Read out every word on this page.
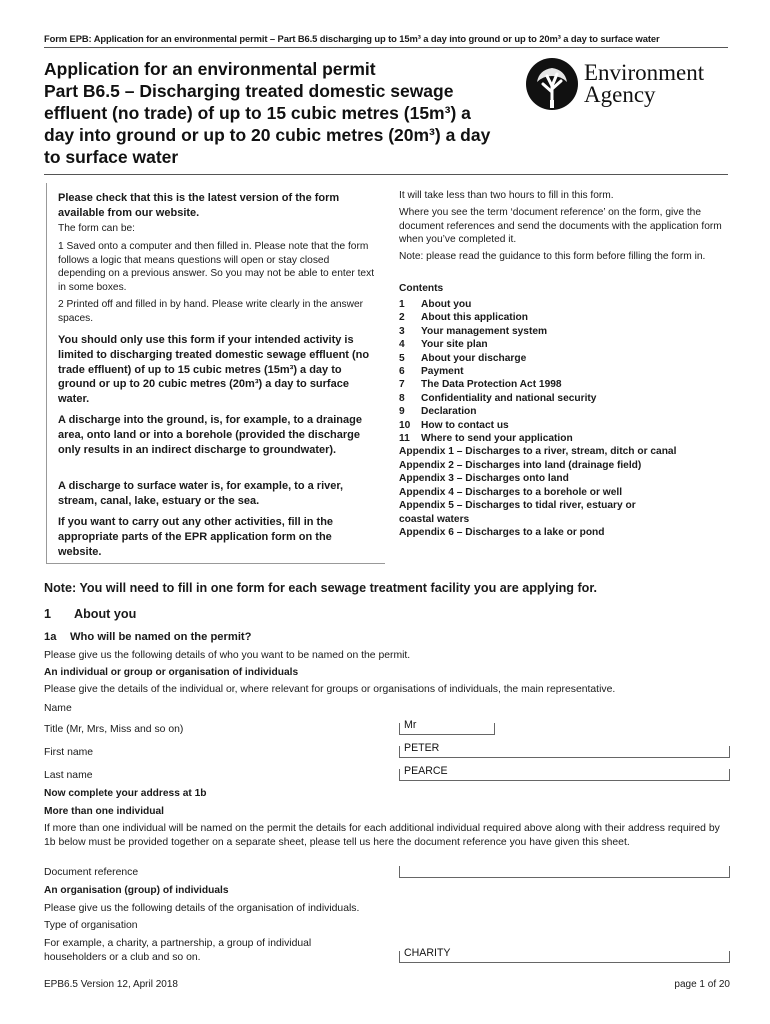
Form EPB: Application for an environmental permit – Part B6.5 discharging up to 15m³ a day into ground or up to 20m³ a day to surface water
Application for an environmental permit
Part B6.5 – Discharging treated domestic sewage
effluent (no trade) of up to 15 cubic metres (15m³) a
day into ground or up to 20 cubic metres (20m³) a day
to surface water
Environment
Agency
Please check that this is the latest version of the form available from our website.
The form can be:
1 Saved onto a computer and then filled in. Please note that the form follows a logic that means questions will open or stay closed depending on a previous answer. So you may not be able to enter text in some boxes.
2 Printed off and filled in by hand. Please write clearly in the answer spaces.
You should only use this form if your intended activity is limited to discharging treated domestic sewage effluent (no trade effluent) of up to 15 cubic metres (15m³) a day to ground or up to 20 cubic metres (20m³) a day to surface water.
A discharge into the ground, is, for example, to a drainage area, onto land or into a borehole (provided the discharge only results in an indirect discharge to groundwater).
A discharge to surface water is, for example, to a river, stream, canal, lake, estuary or the sea.
If you want to carry out any other activities, fill in the appropriate parts of the EPR application form on the website.
It will take less than two hours to fill in this form.
Where you see the term ‘document reference’ on the form, give the document references and send the documents with the application form when you’ve completed it.
Note: please read the guidance to this form before filling the form in.
Contents
1 About you
2 About this application
3 Your management system
4 Your site plan
5 About your discharge
6 Payment
7 The Data Protection Act 1998
8 Confidentiality and national security
9 Declaration
10 How to contact us
11 Where to send your application
Appendix 1 – Discharges to a river, stream, ditch or canal
Appendix 2 – Discharges into land (drainage field)
Appendix 3 – Discharges onto land
Appendix 4 – Discharges to a borehole or well
Appendix 5 – Discharges to tidal river, estuary or
coastal waters
Appendix 6 – Discharges to a lake or pond
Note: You will need to fill in one form for each sewage treatment facility you are applying for.
1 About you
1a Who will be named on the permit?
Please give us the following details of who you want to be named on the permit.
An individual or group or organisation of individuals
Please give the details of the individual or, where relevant for groups or organisations of individuals, the main representative.
Name
Title (Mr, Mrs, Miss and so on)	Mr
First name	PETER
Last name	PEARCE
Now complete your address at 1b
More than one individual
If more than one individual will be named on the permit the details for each additional individual required above along with their address required by 1b below must be provided together on a separate sheet, please tell us here the document reference you have given this sheet.
Document reference
An organisation (group) of individuals
Please give us the following details of the organisation of individuals.
Type of organisation
For example, a charity, a partnership, a group of individual householders or a club and so on.	CHARITY
EPB6.5 Version 12, April 2018	page 1 of 20
